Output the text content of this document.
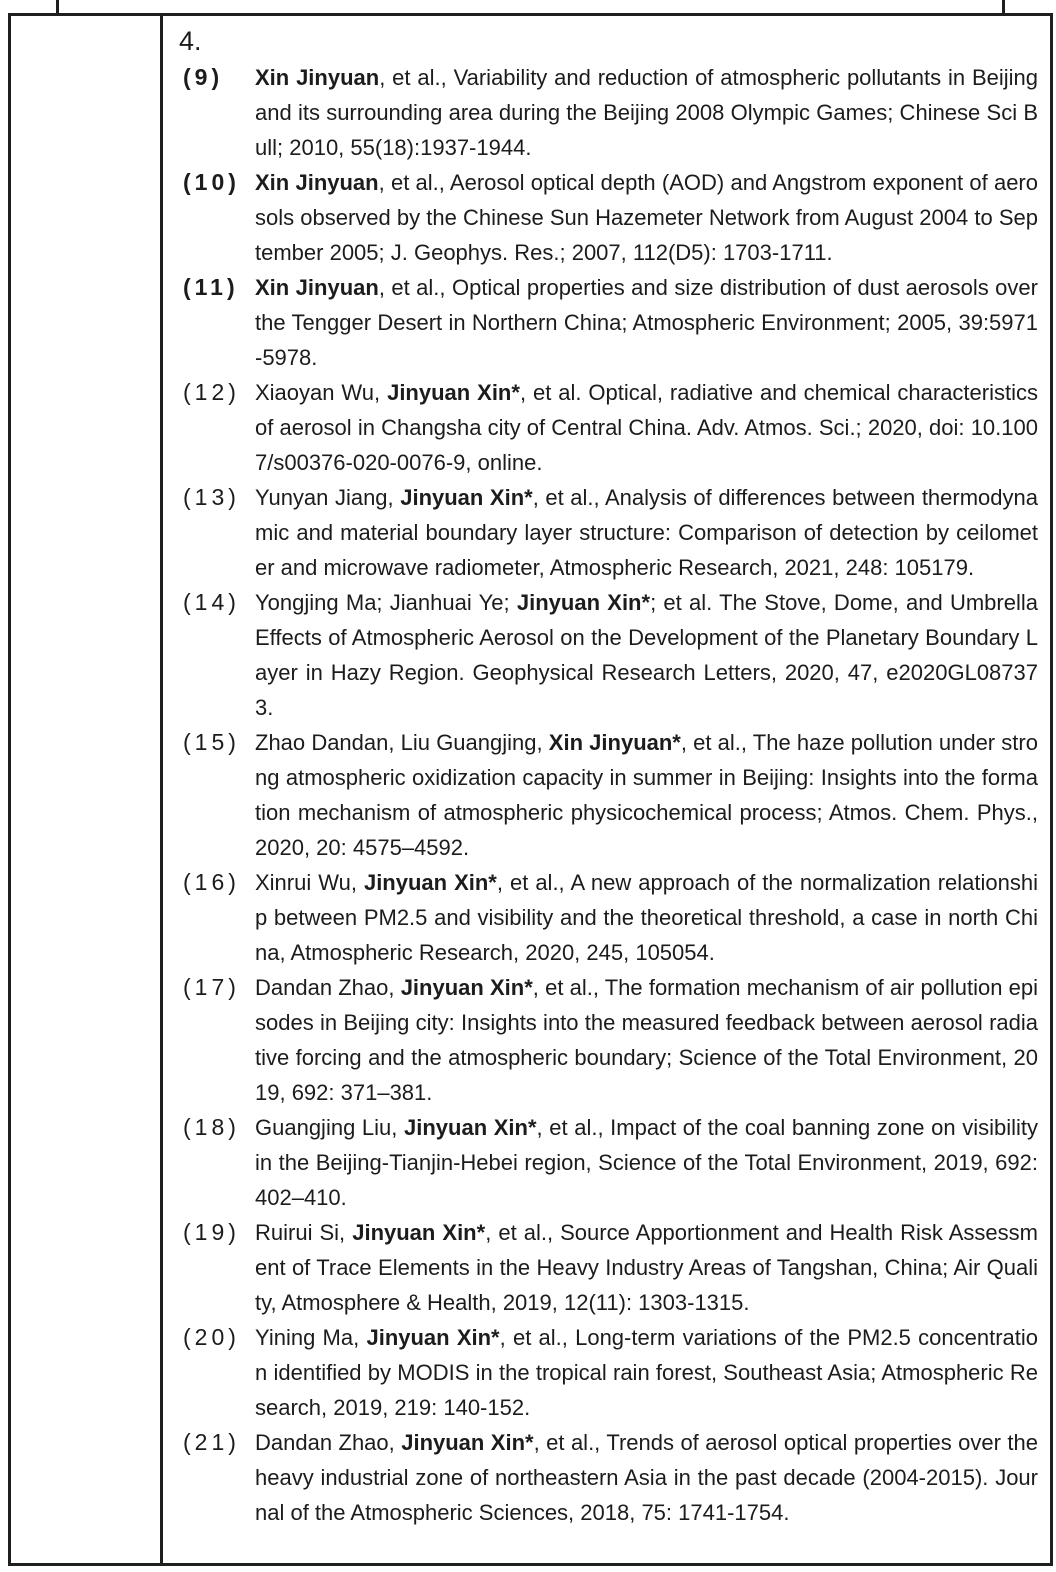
4.
(9)	Xin Jinyuan, et al., Variability and reduction of atmospheric pollutants in Beijing and its surrounding area during the Beijing 2008 Olympic Games; Chinese Sci Bull; 2010, 55(18):1937-1944.
(10) Xin Jinyuan, et al., Aerosol optical depth (AOD) and Angstrom exponent of aerosols observed by the Chinese Sun Hazemeter Network from August 2004 to September 2005; J. Geophys. Res.; 2007, 112(D5): 1703-1711.
(11) Xin Jinyuan, et al., Optical properties and size distribution of dust aerosols over the Tengger Desert in Northern China; Atmospheric Environment; 2005, 39:5971-5978.
(12) Xiaoyan Wu, Jinyuan Xin*, et al. Optical, radiative and chemical characteristics of aerosol in Changsha city of Central China. Adv. Atmos. Sci.; 2020, doi: 10.1007/s00376-020-0076-9, online.
(13) Yunyan Jiang, Jinyuan Xin*, et al., Analysis of differences between thermodynamic and material boundary layer structure: Comparison of detection by ceilometer and microwave radiometer, Atmospheric Research, 2021, 248: 105179.
(14) Yongjing Ma; Jianhuai Ye; Jinyuan Xin*; et al. The Stove, Dome, and Umbrella Effects of Atmospheric Aerosol on the Development of the Planetary Boundary Layer in Hazy Region. Geophysical Research Letters, 2020, 47, e2020GL087373.
(15) Zhao Dandan, Liu Guangjing, Xin Jinyuan*, et al., The haze pollution under strong atmospheric oxidization capacity in summer in Beijing: Insights into the formation mechanism of atmospheric physicochemical process; Atmos. Chem. Phys., 2020, 20: 4575–4592.
(16) Xinrui Wu, Jinyuan Xin*, et al., A new approach of the normalization relationship between PM2.5 and visibility and the theoretical threshold, a case in north China, Atmospheric Research, 2020, 245, 105054.
(17) Dandan Zhao, Jinyuan Xin*, et al., The formation mechanism of air pollution episodes in Beijing city: Insights into the measured feedback between aerosol radiative forcing and the atmospheric boundary; Science of the Total Environment, 2019, 692: 371–381.
(18) Guangjing Liu, Jinyuan Xin*, et al., Impact of the coal banning zone on visibility in the Beijing-Tianjin-Hebei region, Science of the Total Environment, 2019, 692: 402–410.
(19) Ruirui Si, Jinyuan Xin*, et al., Source Apportionment and Health Risk Assessment of Trace Elements in the Heavy Industry Areas of Tangshan, China; Air Quality, Atmosphere & Health, 2019, 12(11): 1303-1315.
(20) Yining Ma, Jinyuan Xin*, et al., Long-term variations of the PM2.5 concentration identified by MODIS in the tropical rain forest, Southeast Asia; Atmospheric Research, 2019, 219: 140-152.
(21) Dandan Zhao, Jinyuan Xin*, et al., Trends of aerosol optical properties over the heavy industrial zone of northeastern Asia in the past decade (2004-2015). Journal of the Atmospheric Sciences, 2018, 75: 1741-1754.
